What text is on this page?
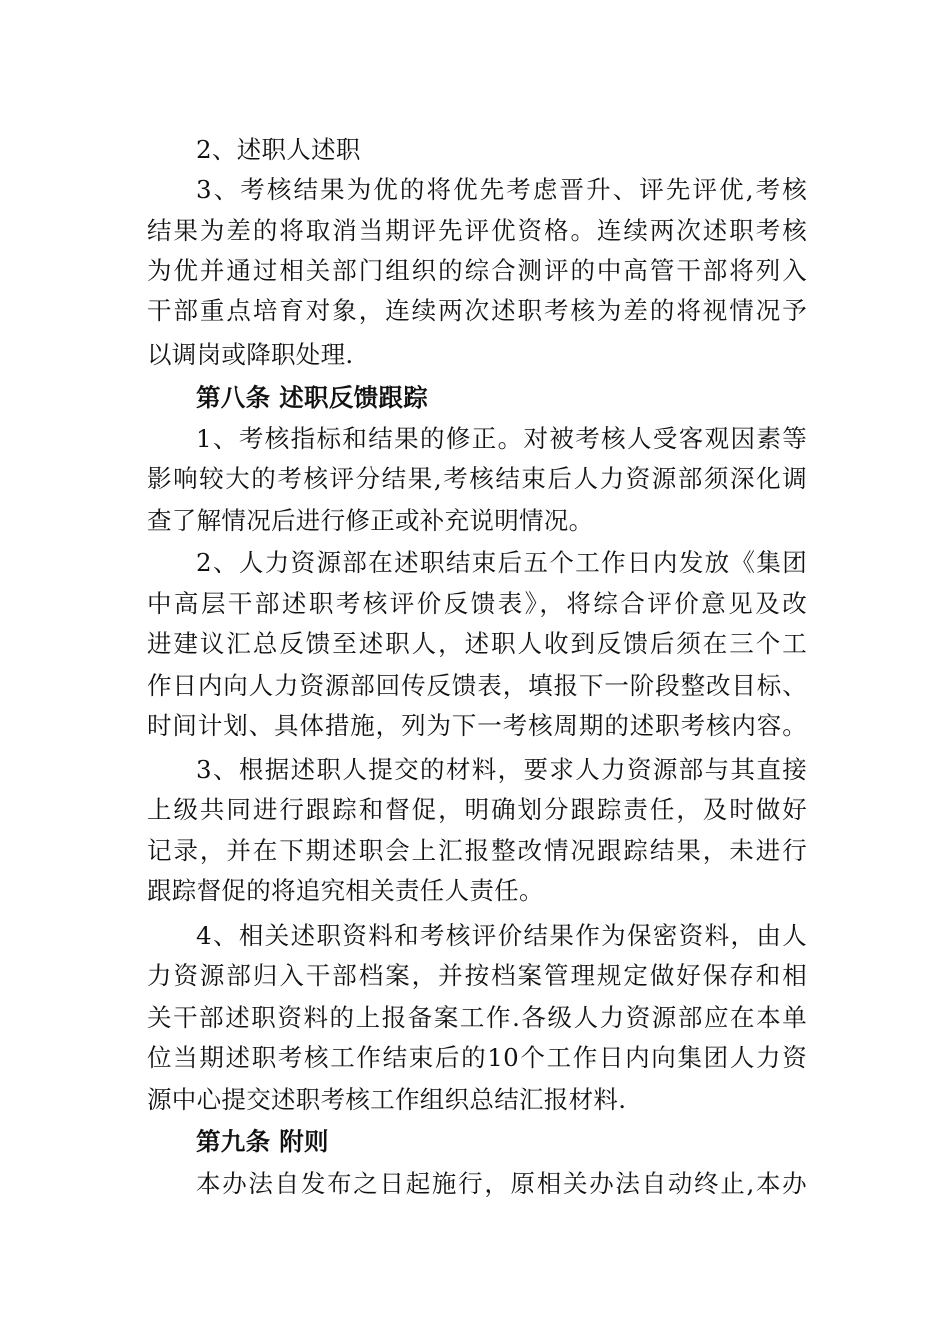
2、述职人述职
3、考核结果为优的将优先考虑晋升、评先评优,考核
结果为差的将取消当期评先评优资格。连续两次述职考核
为优并通过相关部门组织的综合测评的中高管干部将列入
干部重点培育对象，连续两次述职考核为差的将视情况予
以调岗或降职处理.
第八条 述职反馈跟踪
1、考核指标和结果的修正。对被考核人受客观因素等
影响较大的考核评分结果,考核结束后人力资源部须深化调
查了解情况后进行修正或补充说明情况。
2、人力资源部在述职结束后五个工作日内发放《集团
中高层干部述职考核评价反馈表》，将综合评价意见及改
进建议汇总反馈至述职人，述职人收到反馈后须在三个工
作日内向人力资源部回传反馈表，填报下一阶段整改目标、
时间计划、具体措施，列为下一考核周期的述职考核内容。
3、根据述职人提交的材料，要求人力资源部与其直接
上级共同进行跟踪和督促，明确划分跟踪责任，及时做好
记录，并在下期述职会上汇报整改情况跟踪结果，未进行
跟踪督促的将追究相关责任人责任。
4、相关述职资料和考核评价结果作为保密资料，由人
力资源部归入干部档案，并按档案管理规定做好保存和相
关干部述职资料的上报备案工作.各级人力资源部应在本单
位当期述职考核工作结束后的10个工作日内向集团人力资
源中心提交述职考核工作组织总结汇报材料.
第九条 附则
本办法自发布之日起施行，原相关办法自动终止,本办
